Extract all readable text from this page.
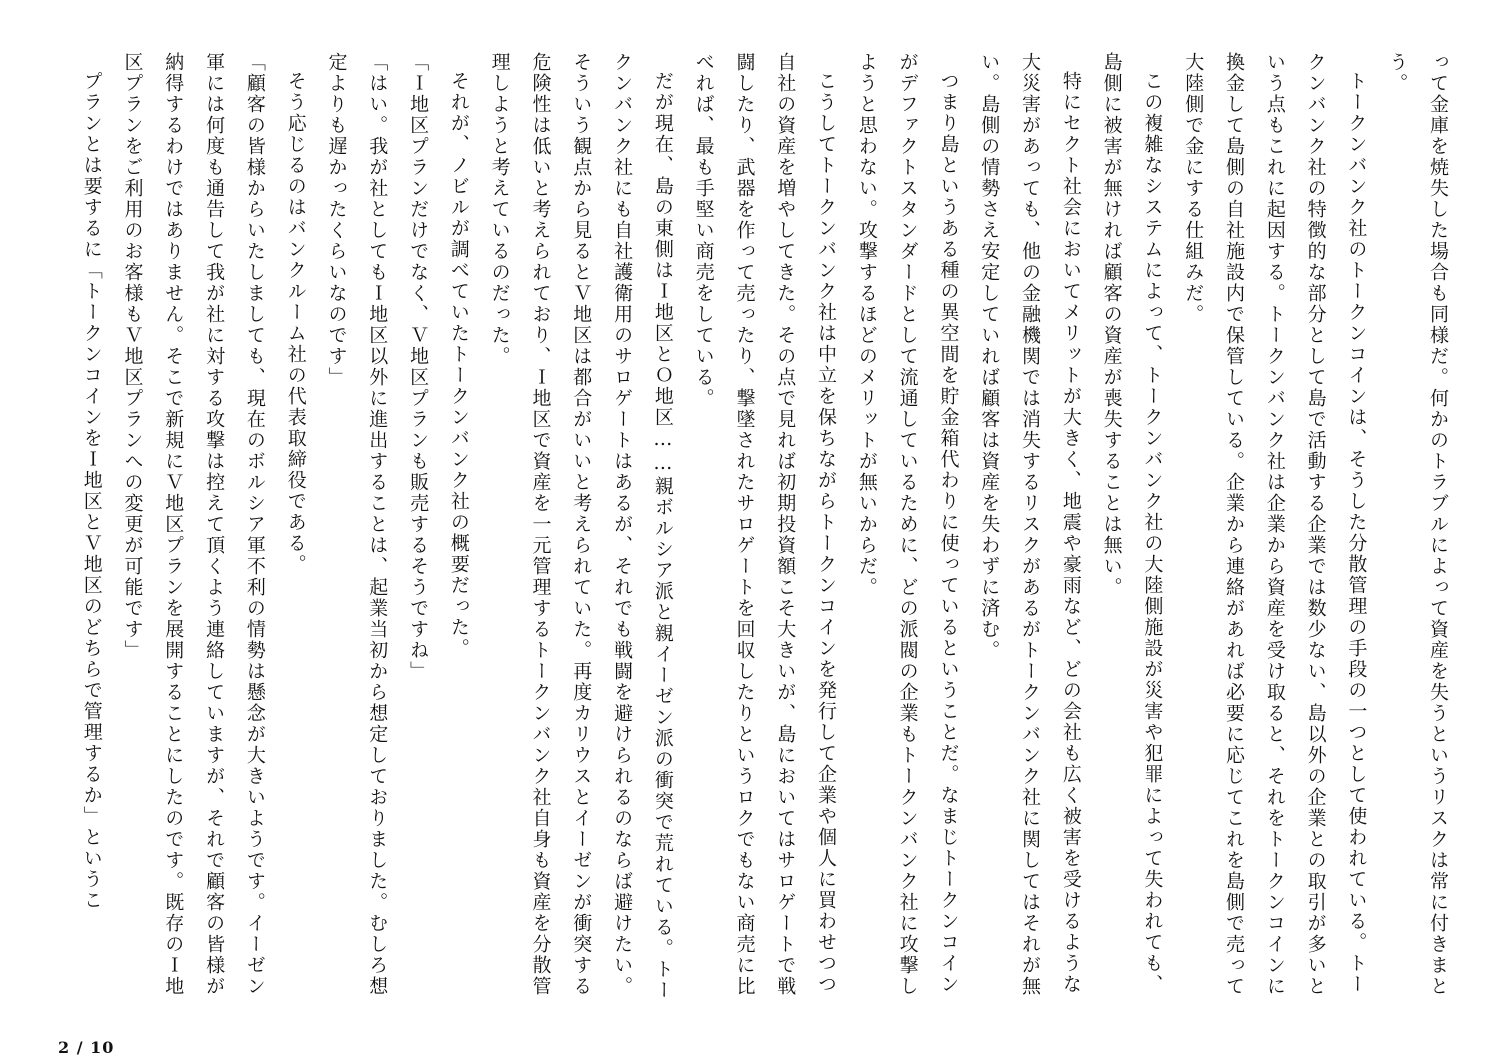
って金庫を焼失した場合も同様だ。何かのトラブルによって資産を失うというリスクは常に付きまとう。

トークンバンク社のトークンコインは、そうした分散管理の手段の一つとして使われている。トークンバンク社の特徴的な部分として島で活動する企業では数少ない、島以外の企業との取引が多いという点もこれに起因する。トークンバンク社は企業から資産を受け取ると、それをトークンコインに換金して島側の自社施設内で保管している。企業から連絡があれば必要に応じてこれを島側で売って大陸側で金にする仕組みだ。

この複雑なシステムによって、トークンバンク社の大陸側施設が災害や犯罪によって失われても、島側に被害が無ければ顧客の資産が喪失することは無い。

特にセクト社会においてメリットが大きく、地震や豪雨など、どの会社も広く被害を受けるような大災害があっても、他の金融機関では消失するリスクがあるがトークンバンク社に関してはそれが無い。島側の情勢さえ安定していれば顧客は資産を失わずに済む。

つまり島というある種の異空間を貯金箱代わりに使っているということだ。なまじトークンコインがデファクトスタンダードとして流通しているために、どの派閥の企業もトークンバンク社に攻撃しようと思わない。攻撃するほどのメリットが無いからだ。

こうしてトークンバンク社は中立を保ちながらトークンコインを発行して企業や個人に買わせつつ自社の資産を増やしてきた。その点で見れば初期投資額こそ大きいが、島においてはサロゲートで戦闘したり、武器を作って売ったり、撃墜されたサロゲートを回収したりというロクでもない商売に比べれば、最も手堅い商売をしている。

だが現在、島の東側はＩ地区とＯ地区……親ボルシア派と親イーゼン派の衝突で荒れている。トークンバンク社にも自社護衛用のサロゲートはあるが、それでも戦闘を避けられるのならば避けたい。そういう観点から見るとＶ地区は都合がいいと考えられていた。再度カリウスとイーゼンが衝突する危険性は低いと考えられており、Ｉ地区で資産を一元管理するトークンバンク社自身も資産を分散管理しようと考えているのだった。

それが、ノビルが調べていたトークンバンク社の概要だった。

「Ｉ地区プランだけでなく、Ｖ地区プランも販売するそうですね」

「はい。我が社としてもＩ地区以外に進出することは、起業当初から想定しておりました。むしろ想定よりも遅かったくらいなのです」

そう応じるのはバンクルーム社の代表取締役である。

「顧客の皆様からいたしましても、現在のボルシア軍不利の情勢は懸念が大きいようです。イーゼン軍には何度も通告して我が社に対する攻撃は控えて頂くよう連絡していますが、それで顧客の皆様が納得するわけではありません。そこで新規にＶ地区プランを展開することにしたのです。既存のＩ地区プランをご利用のお客様もＶ地区プランへの変更が可能です」

プランとは要するに「トークンコインをＩ地区とＶ地区のどちらで管理するか」というこ

2 / 10
